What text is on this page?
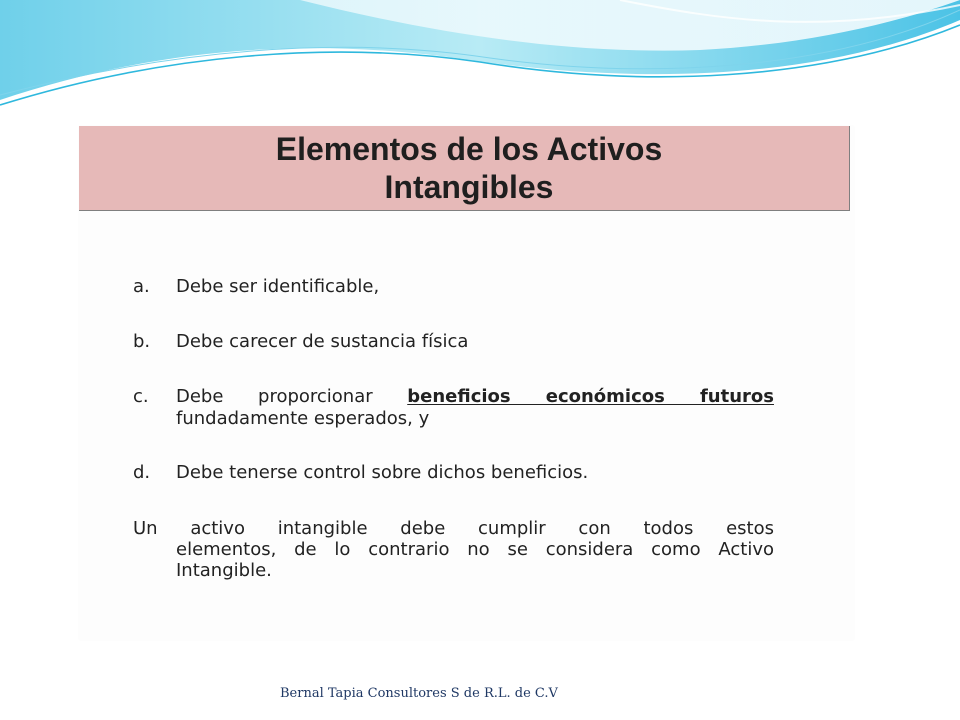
Elementos de los Activos
Intangibles
a.	Debe ser identificable,
b.	Debe carecer de sustancia física
c.	Debe proporcionar beneficios económicos futuros
fundadamente esperados, y
d.	Debe tenerse control sobre dichos beneficios.
Un activo intangible debe cumplir con todos estos
elementos, de lo contrario no se considera como Activo
Intangible.
Bernal Tapia Consultores S de R.L. de C.V
